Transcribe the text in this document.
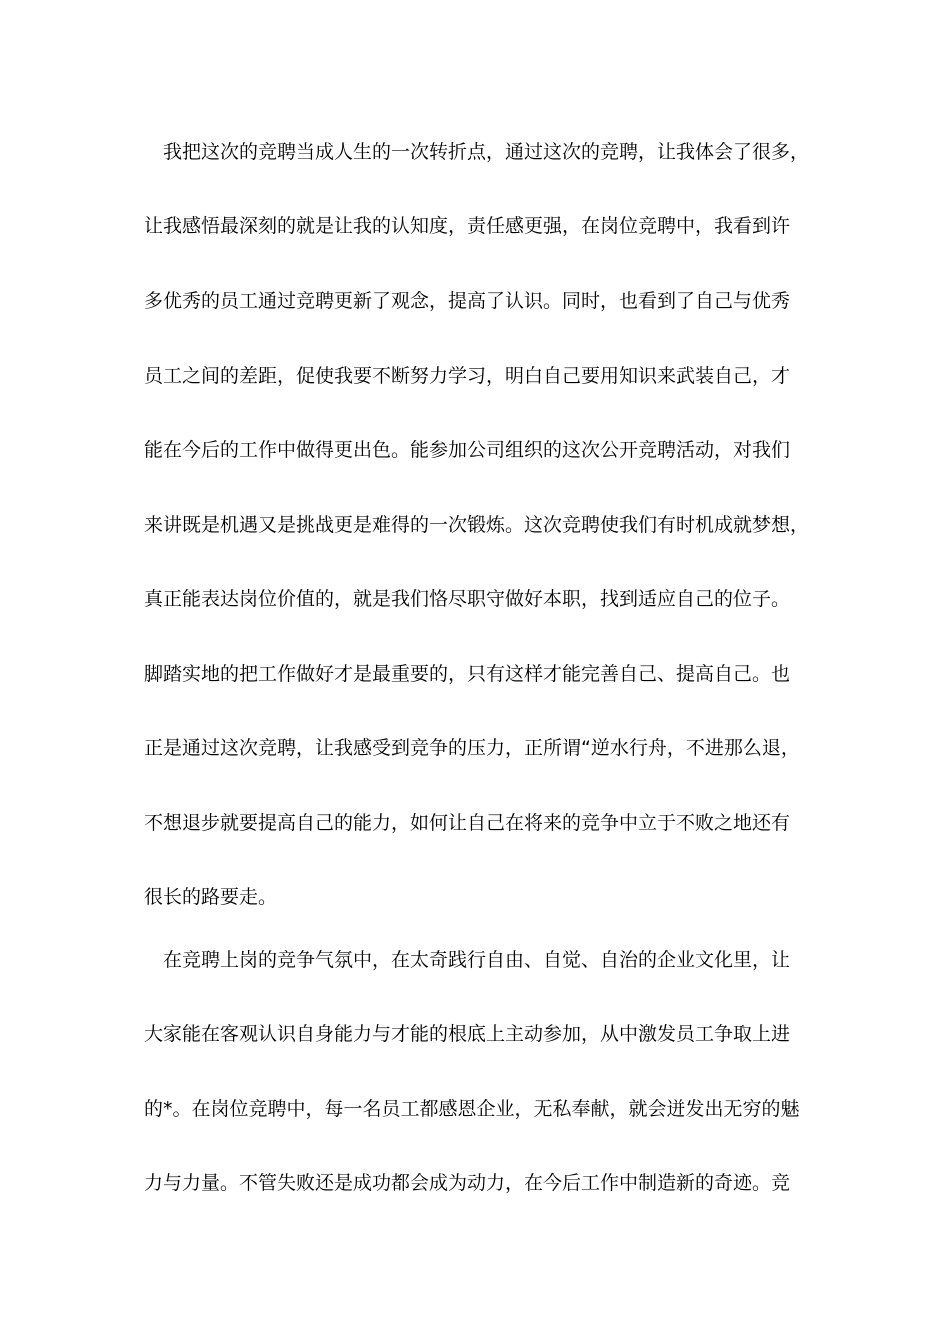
我把这次的竞聘当成人生的一次转折点，通过这次的竞聘，让我体会了很多，
让我感悟最深刻的就是让我的认知度，责任感更强，在岗位竞聘中，我看到许
多优秀的员工通过竞聘更新了观念，提高了认识。同时，也看到了自己与优秀
员工之间的差距，促使我要不断努力学习，明白自己要用知识来武装自己，才
能在今后的工作中做得更出色。能参加公司组织的这次公开竞聘活动，对我们
来讲既是机遇又是挑战更是难得的一次锻炼。这次竞聘使我们有时机成就梦想，
真正能表达岗位价值的，就是我们恪尽职守做好本职，找到适应自己的位子。
脚踏实地的把工作做好才是最重要的，只有这样才能完善自己、提高自己。也
正是通过这次竞聘，让我感受到竞争的压力，正所谓“逆水行舟，不进那么退，
不想退步就要提高自己的能力，如何让自己在将来的竞争中立于不败之地还有
很长的路要走。
在竞聘上岗的竞争气氛中，在太奇践行自由、自觉、自治的企业文化里，让
大家能在客观认识自身能力与才能的根底上主动参加，从中激发员工争取上进
的*。在岗位竞聘中，每一名员工都感恩企业，无私奉献，就会迸发出无穷的魅
力与力量。不管失败还是成功都会成为动力，在今后工作中制造新的奇迹。竞
